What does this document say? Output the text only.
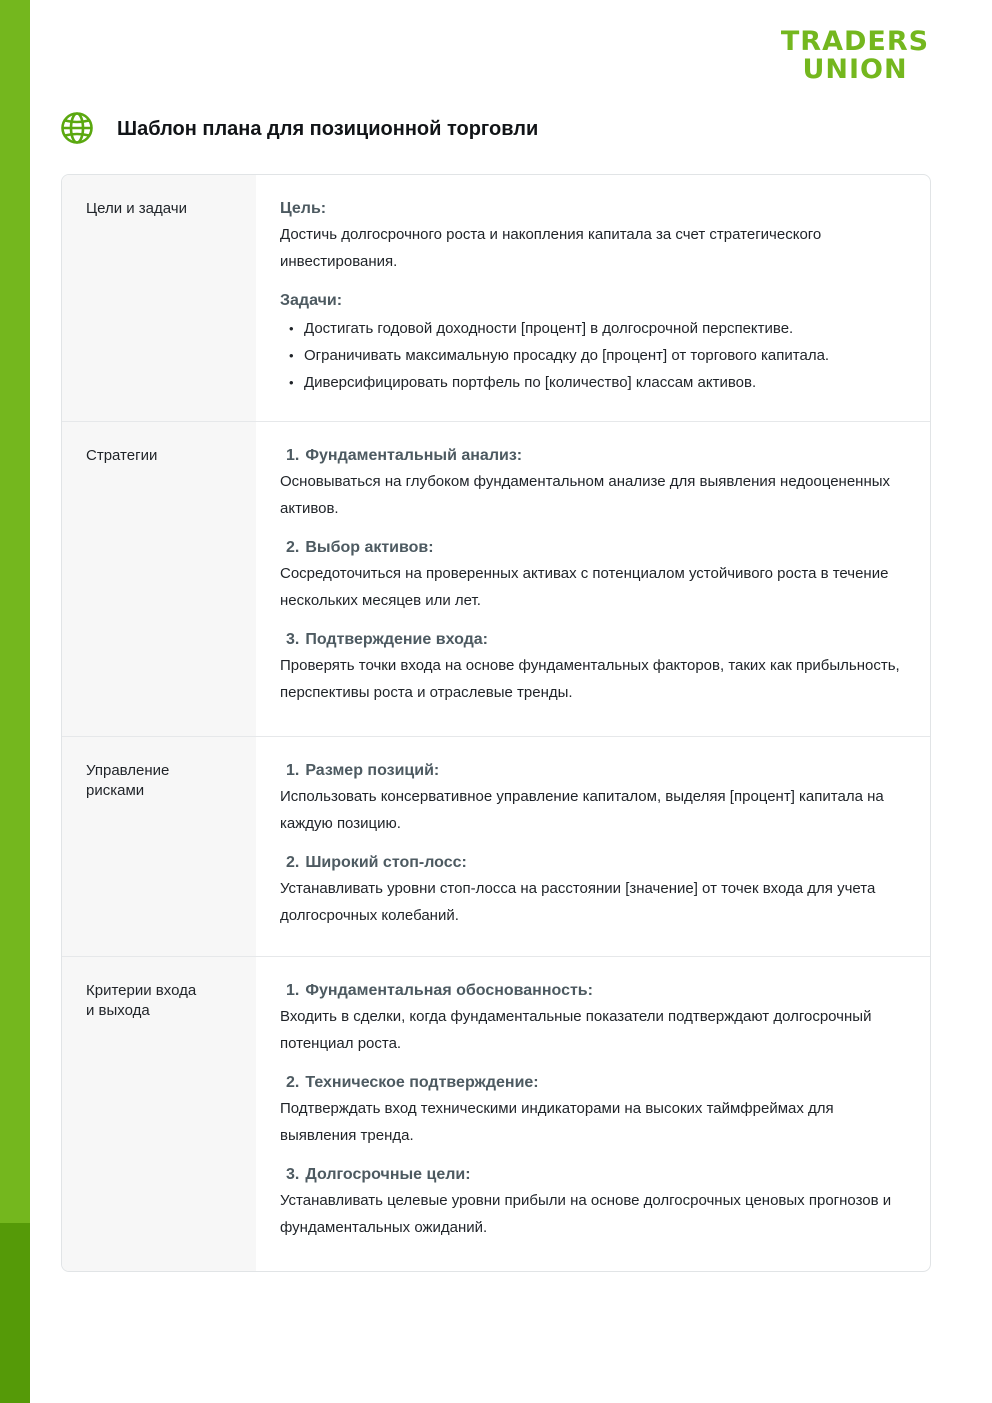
TRADERS
UNION
Шаблон плана для позиционной торговли
Цели и задачи	Цель:

Достичь долгосрочного роста и накопления капитала за счет стратегического инвестирования.

Задачи:

• Достигать годовой доходности [процент] в долгосрочной перспективе.
• Ограничивать максимальную просадку до [процент] от торгового капитала.
• Диверсифицировать портфель по [количество] классам активов.
Стратегии	1. Фундаментальный анализ:

Основываться на глубоком фундаментальном анализе для выявления недооцененных активов.

2. Выбор активов:

Сосредоточиться на проверенных активах с потенциалом устойчивого роста в течение нескольких месяцев или лет.

3. Подтверждение входа:

Проверять точки входа на основе фундаментальных факторов, таких как прибыльность, перспективы роста и отраслевые тренды.

Управление
рисками

1. Размер позиций:

Использовать консервативное управление капиталом, выделяя [процент] капитала на каждую позицию.

2. Широкий стоп-лосс:

Устанавливать уровни стоп-лосса на расстоянии [значение] от точек входа для учета долгосрочных колебаний.

Критерии входа
и выхода

1. Фундаментальная обоснованность:

Входить в сделки, когда фундаментальные показатели подтверждают долгосрочный потенциал роста.

2. Техническое подтверждение:

Подтверждать вход техническими индикаторами на высоких таймфреймах для выявления тренда.

3. Долгосрочные цели:

Устанавливать целевые уровни прибыли на основе долгосрочных ценовых прогнозов и фундаментальных ожиданий.
